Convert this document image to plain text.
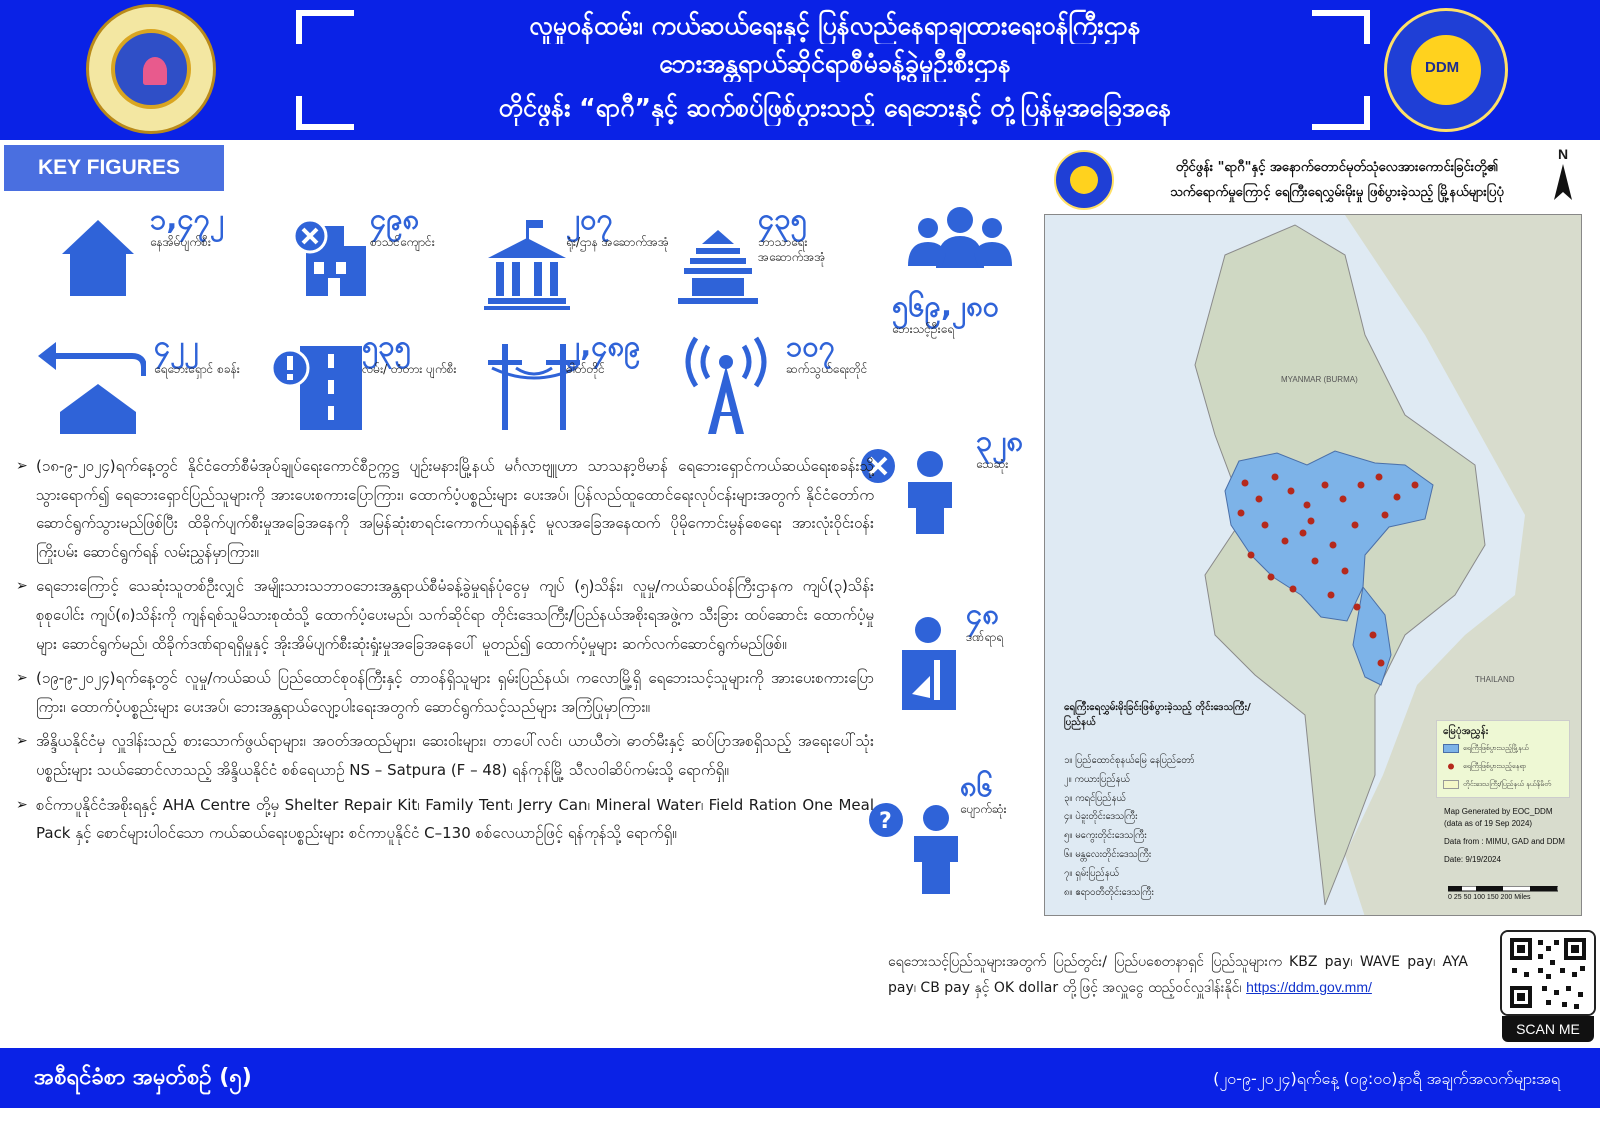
လူမှုဝန်ထမ်း၊ ကယ်ဆယ်ရေးနှင့် ပြန်လည်နေရာချထားရေးဝန်ကြီးဌာန
ဘေးအန္တရာယ်ဆိုင်ရာစီမံခန့်ခွဲမှုဦးစီးဌာန
တိုင်ဖွန်း “ရာဂီ”နှင့် ဆက်စပ်ဖြစ်ပွားသည့် ရေဘေးနှင့် တုံ့ပြန်မှုအခြေအနေ
DDM
KEY FIGURES
၁,၄၇၂
နေအိမ်ပျက်စီး
၄၉၈
စာသင်ကျောင်း
၂၀၇
ရုံး/ဌာန အဆောက်အအုံ
၄၃၅
ဘာသာရေး အဆောက်အအုံ
၅၆၉,၂၈၀
ဘေးသင့်ဦးရေ
၄၂၂
ရေဘေးရှောင် စခန်း
၅၃၅
လမ်း/ တံတား ပျက်စီး
၂,၄၈၉
ဓါတ်တိုင်
၁၀၇
ဆက်သွယ်ရေးတိုင်
၃၂၈
သေဆုံး
၄၈
ဒဏ်ရာရ
?
၈၆
ပျောက်ဆုံး

➢ (၁၈-၉-၂၀၂၄)ရက်နေ့တွင် နိုင်ငံတော်စီမံအုပ်ချုပ်ရေးကောင်စီဥက္ကဋ္ဌ ပျဉ်းမနားမြို့နယ် မင်္ဂလာဗျူဟာ သာသနာ့ဗိမာန် ရေဘေးရှောင်ကယ်ဆယ်ရေးစခန်းသို့ သွားရောက်၍ ရေဘေးရှောင်ပြည်သူများကို အားပေးစကားပြောကြား၊ ထောက်ပံ့ပစ္စည်းများ ပေးအပ်၊ ပြန်လည်ထူထောင်ရေးလုပ်ငန်းများအတွက် နိုင်ငံတော်က ဆောင်ရွက်သွားမည်ဖြစ်ပြီး ထိခိုက်ပျက်စီးမှုအခြေအနေကို အမြန်ဆုံးစာရင်းကောက်ယူရန်နှင့် မူလအခြေအနေထက် ပိုမိုကောင်းမွန်စေရေး အားလုံးဝိုင်းဝန်း ကြိုးပမ်း ဆောင်ရွက်ရန် လမ်းညွှန်မှာကြား။

➢ ရေဘေးကြောင့် သေဆုံးသူတစ်ဦးလျှင် အမျိုးသားသဘာဝဘေးအန္တရာယ်စီမံခန့်ခွဲမှုရန်ပုံငွေမှ ကျပ် (၅)သိန်း၊ လူမှု/ကယ်ဆယ်ဝန်ကြီးဌာနက ကျပ်(၃)သိန်း စုစုပေါင်း ကျပ်(၈)သိန်းကို ကျန်ရစ်သူမိသားစုထံသို့ ထောက်ပံ့ပေးမည်၊ သက်ဆိုင်ရာ တိုင်းဒေသကြီး/ပြည်နယ်အစိုးရအဖွဲ့က သီးခြား ထပ်ဆောင်း ထောက်ပံ့မှုများ ဆောင်ရွက်မည်၊ ထိခိုက်ဒဏ်ရာရရှိမှုနှင့် အိုးအိမ်ပျက်စီးဆုံးရှုံးမှုအခြေအနေပေါ် မူတည်၍ ထောက်ပံ့မှုများ ဆက်လက်ဆောင်ရွက်မည်ဖြစ်။

➢ (၁၉-၉-၂၀၂၄)ရက်နေ့တွင် လူမှု/ကယ်ဆယ် ပြည်ထောင်စုဝန်ကြီးနှင့် တာဝန်ရှိသူများ ရှမ်းပြည်နယ်၊ ကလောမြို့ရှိ ရေဘေးသင့်သူများကို အားပေးစကားပြောကြား၊ ထောက်ပံ့ပစ္စည်းများ ပေးအပ်၊ ဘေးအန္တရာယ်လျော့ပါးရေးအတွက် ဆောင်ရွက်သင့်သည်များ အကြံပြုမှာကြား။

➢ အိန္ဒိယနိုင်ငံမှ လှူဒါန်းသည့် စားသောက်ဖွယ်ရာများ၊ အဝတ်အထည်များ၊ ဆေးဝါးများ၊ တာပေါ်လင်၊ ယာယီတဲ၊ ဓာတ်မီးနှင့် ဆပ်ပြာအစရှိသည့် အရေးပေါ်သုံးပစ္စည်းများ သယ်ဆောင်လာသည့် အိန္ဒိယနိုင်ငံ စစ်ရေယာဉ် NS – Satpura (F – 48) ရန်ကုန်မြို့ သီလဝါဆိပ်ကမ်းသို့ ရောက်ရှိ။

➢ စင်ကာပူနိုင်ငံအစိုးရနှင့် AHA Centre တို့မှ Shelter Repair Kit၊ Family Tent၊ Jerry Can၊ Mineral Water၊ Field Ration One Meal Pack နှင့် စောင်များပါဝင်သော ကယ်ဆယ်ရေးပစ္စည်းများ စင်ကာပူနိုင်ငံ C–130 စစ်လေယာဉ်ဖြင့် ရန်ကုန်သို့ ရောက်ရှိ။

တိုင်ဖွန်း "ရာဂီ"နှင့် အနောက်တောင်မုတ်သုံလေအားကောင်းခြင်းတို့၏
သက်ရောက်မှုကြောင့် ရေကြီးရေလွှမ်းမိုးမှု ဖြစ်ပွားခဲ့သည့် မြို့နယ်များပြပုံ
N
MYANMAR (BURMA)
THAILAND
ရေကြီးရေလွှမ်းမိုးခြင်းဖြစ်ပွားခဲ့သည့် တိုင်းဒေသကြီး/ပြည်နယ်
၁။ ပြည်ထောင်စုနယ်မြေ နေပြည်တော်
၂။ ကယားပြည်နယ်
၃။ ကရင်ပြည်နယ်
၄။ ပဲခူးတိုင်းဒေသကြီး
၅။ မကွေးတိုင်းဒေသကြီး
၆။ မန္တလေးတိုင်းဒေသကြီး
၇။ ရှမ်းပြည်နယ်
၈။ ဧရာဝတီတိုင်းဒေသကြီး
မြေပုံအညွှန်း
ရေကြီးဖြစ်ပွားသည့်မြို့နယ်
ရေကြီးဖြစ်ပွားသည့်နေရာ
တိုင်းဒေသကြီး/ပြည်နယ် နယ်နိမိတ်
Map Generated by EOC_DDM
(data as of 19 Sep 2024)
Data from : MIMU, GAD and DDM
Date: 9/19/2024
0 25 50 100 150 200 Miles
ရေဘေးသင့်ပြည်သူများအတွက် ပြည်တွင်း/ ပြည်ပစေတနာရှင် ပြည်သူများက KBZ pay၊ WAVE pay၊ AYA pay၊ CB pay နှင့် OK dollar တို့ဖြင့် အလှူငွေ ထည့်ဝင်လှူဒါန်းနိုင်၊ https://ddm.gov.mm/
SCAN ME
အစီရင်ခံစာ အမှတ်စဉ် (၅)	(၂၀-၉-၂၀၂၄)ရက်နေ့ (၀၉:၀၀)နာရီ အချက်အလက်များအရ
